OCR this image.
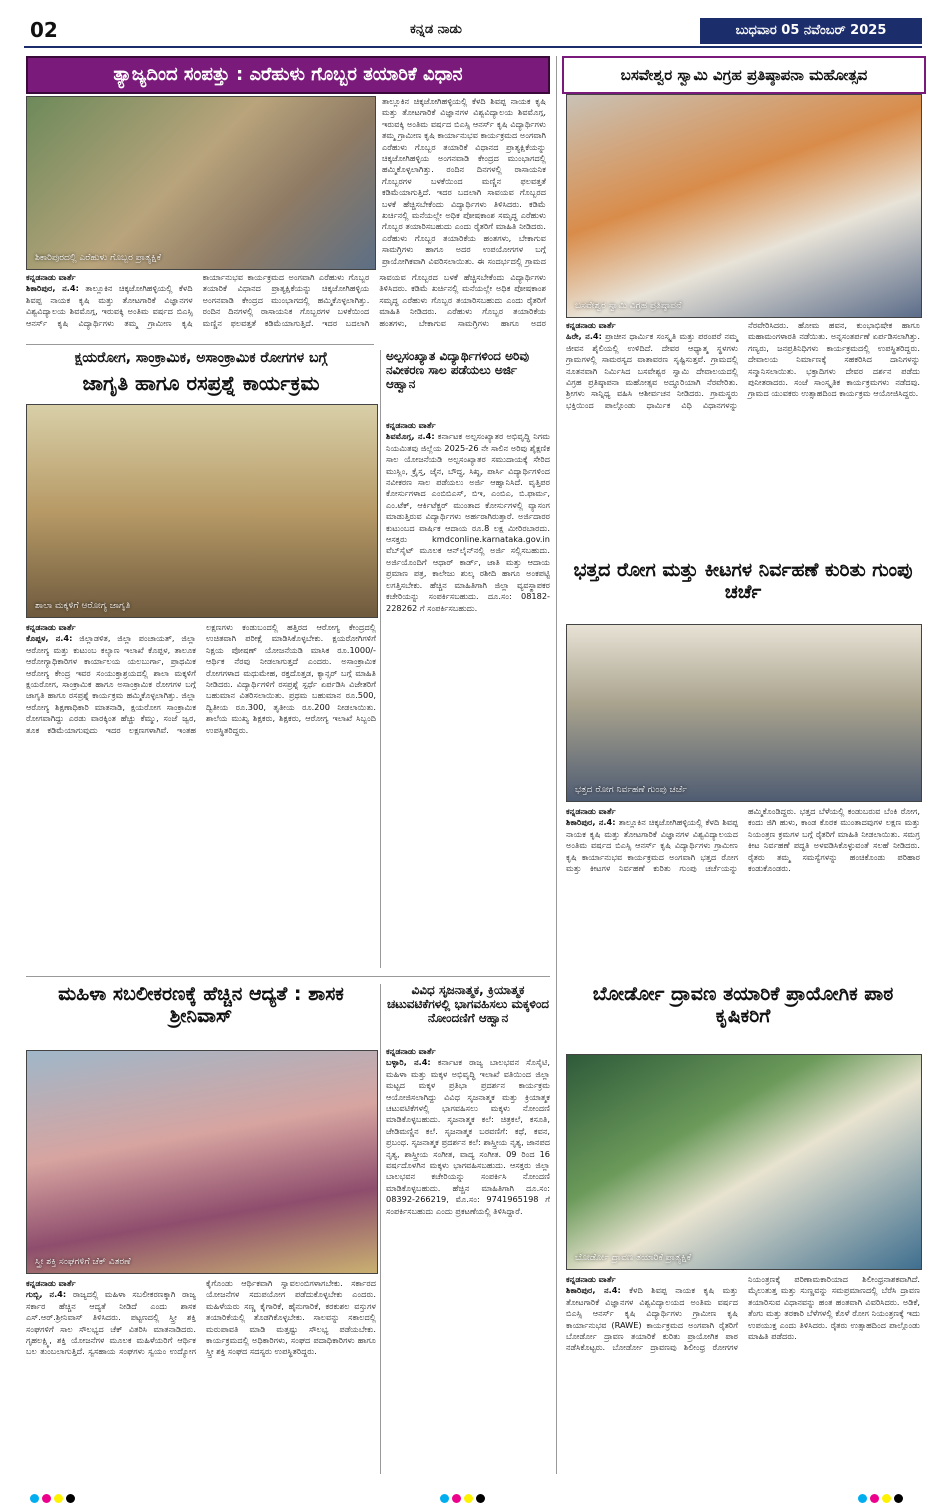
02	ಕನ್ನಡ ನಾಡು	ಬುಧವಾರ 05 ನವೆಂಬರ್ 2025
ತ್ಯಾಜ್ಯದಿಂದ ಸಂಪತ್ತು : ಎರೆಹುಳು ಗೊಬ್ಬರ ತಯಾರಿಕೆ ವಿಧಾನ
ಶಿಕಾರಿಪುರದಲ್ಲಿ ಎರೆಹುಳು ಗೊಬ್ಬರ ಪ್ರಾತ್ಯಕ್ಷಿಕೆ
ಕನ್ನಡನಾಡು ವಾರ್ತೆ
ಶಿಕಾರಿಪುರ, ನ.4: ತಾಲ್ಲೂಕಿನ ಚಿಕ್ಕಜೋಗಿಹಳ್ಳಿಯಲ್ಲಿ ಕೆಳದಿ ಶಿವಪ್ಪ ನಾಯಕ ಕೃಷಿ ಮತ್ತು ತೋಟಗಾರಿಕೆ ವಿಜ್ಞಾನಗಳ ವಿಶ್ವವಿದ್ಯಾಲಯ ಶಿವಮೊಗ್ಗ, ಇರುವಕ್ಕಿ ಅಂತಿಮ ವರ್ಷದ ಬಿಎಸ್ಸಿ ಆನರ್ಸ್ ಕೃಷಿ ವಿದ್ಯಾರ್ಥಿಗಳು ತಮ್ಮ ಗ್ರಾಮೀಣ ಕೃಷಿ ಕಾರ್ಯಾನುಭವ ಕಾರ್ಯಕ್ರಮದ ಅಂಗವಾಗಿ ಎರೆಹುಳು ಗೊಬ್ಬರ ತಯಾರಿಕೆ ವಿಧಾನದ ಪ್ರಾತ್ಯಕ್ಷಿಕೆಯನ್ನು ಚಿಕ್ಕಜೋಗಿಹಳ್ಳಿಯ ಅಂಗನವಾಡಿ ಕೇಂದ್ರದ ಮುಂಭಾಗದಲ್ಲಿ ಹಮ್ಮಿಕೊಳ್ಳಲಾಗಿತ್ತು. ರಂದಿನ ದಿನಗಳಲ್ಲಿ ರಾಸಾಯನಿಕ ಗೊಬ್ಬರಗಳ ಬಳಕೆಯಿಂದ ಮಣ್ಣಿನ ಫಲವತ್ತತೆ ಕಡಿಮೆಯಾಗುತ್ತಿದೆ. ಇದರ ಬದಲಾಗಿ ಸಾವಯವ ಗೊಬ್ಬರದ ಬಳಕೆ ಹೆಚ್ಚಿಸಬೇಕೆಂದು ವಿದ್ಯಾರ್ಥಿಗಳು ತಿಳಿಸಿದರು. ಕಡಿಮೆ ಖರ್ಚಿನಲ್ಲಿ ಮನೆಯಲ್ಲೇ ಅಧಿಕ ಪೋಷಕಾಂಶ ಸಮೃದ್ಧ ಎರೆಹುಳು ಗೊಬ್ಬರ ತಯಾರಿಸಬಹುದು ಎಂದು ರೈತರಿಗೆ ಮಾಹಿತಿ ನೀಡಿದರು. ಎರೆಹುಳು ಗೊಬ್ಬರ ತಯಾರಿಕೆಯ ಹಂತಗಳು, ಬೇಕಾಗುವ ಸಾಮಗ್ರಿಗಳು ಹಾಗೂ ಅದರ
ತಾಲ್ಲೂಕಿನ ಚಿಕ್ಕಜೋಗಿಹಳ್ಳಿಯಲ್ಲಿ ಕೆಳದಿ ಶಿವಪ್ಪ ನಾಯಕ ಕೃಷಿ ಮತ್ತು ತೋಟಗಾರಿಕೆ ವಿಜ್ಞಾನಗಳ ವಿಶ್ವವಿದ್ಯಾಲಯ ಶಿವಮೊಗ್ಗ, ಇರುವಕ್ಕಿ ಅಂತಿಮ ವರ್ಷದ ಬಿಎಸ್ಸಿ ಆನರ್ಸ್ ಕೃಷಿ ವಿದ್ಯಾರ್ಥಿಗಳು ತಮ್ಮ ಗ್ರಾಮೀಣ ಕೃಷಿ ಕಾರ್ಯಾನುಭವ ಕಾರ್ಯಕ್ರಮದ ಅಂಗವಾಗಿ ಎರೆಹುಳು ಗೊಬ್ಬರ ತಯಾರಿಕೆ ವಿಧಾನದ ಪ್ರಾತ್ಯಕ್ಷಿಕೆಯನ್ನು ಚಿಕ್ಕಜೋಗಿಹಳ್ಳಿಯ ಅಂಗನವಾಡಿ ಕೇಂದ್ರದ ಮುಂಭಾಗದಲ್ಲಿ ಹಮ್ಮಿಕೊಳ್ಳಲಾಗಿತ್ತು. ರಂದಿನ ದಿನಗಳಲ್ಲಿ ರಾಸಾಯನಿಕ ಗೊಬ್ಬರಗಳ ಬಳಕೆಯಿಂದ ಮಣ್ಣಿನ ಫಲವತ್ತತೆ ಕಡಿಮೆಯಾಗುತ್ತಿದೆ. ಇದರ ಬದಲಾಗಿ ಸಾವಯವ ಗೊಬ್ಬರದ ಬಳಕೆ ಹೆಚ್ಚಿಸಬೇಕೆಂದು ವಿದ್ಯಾರ್ಥಿಗಳು ತಿಳಿಸಿದರು. ಕಡಿಮೆ ಖರ್ಚಿನಲ್ಲಿ ಮನೆಯಲ್ಲೇ ಅಧಿಕ ಪೋಷಕಾಂಶ ಸಮೃದ್ಧ ಎರೆಹುಳು ಗೊಬ್ಬರ ತಯಾರಿಸಬಹುದು ಎಂದು ರೈತರಿಗೆ ಮಾಹಿತಿ ನೀಡಿದರು. ಎರೆಹುಳು ಗೊಬ್ಬರ ತಯಾರಿಕೆಯ ಹಂತಗಳು, ಬೇಕಾಗುವ ಸಾಮಗ್ರಿಗಳು ಹಾಗೂ ಅದರ ಉಪಯೋಗಗಳ ಬಗ್ಗೆ ಪ್ರಾಯೋಗಿಕವಾಗಿ ವಿವರಿಸಲಾಯಿತು. ಈ ಸಂದರ್ಭದಲ್ಲಿ ಗ್ರಾಮದ
ಬಸವೇಶ್ವರ ಸ್ವಾಮಿ ವಿಗ್ರಹ ಪ್ರತಿಷ್ಠಾಪನಾ ಮಹೋತ್ಸವ
ಬಸವೇಶ್ವರ ಸ್ವಾಮಿ ವಿಗ್ರಹ ಪ್ರತಿಷ್ಠಾಪನೆ
ಕನ್ನಡನಾಡು ವಾರ್ತೆ
ಹಿರೇ, ನ.4: ಪ್ರಾಚೀನ ಧಾರ್ಮಿಕ ಸಂಸ್ಕೃತಿ ಮತ್ತು ಪರಂಪರೆ ನಮ್ಮ ಜೀವನ ಶೈಲಿಯಲ್ಲಿ ಉಳಿದಿದೆ. ದೇವರ ಆಧ್ಯಾತ್ಮ ಸ್ಥಳಗಳು ಗ್ರಾಮಗಳಲ್ಲಿ ಸಾಮರಸ್ಯದ ವಾತಾವರಣ ಸೃಷ್ಟಿಸುತ್ತವೆ. ಗ್ರಾಮದಲ್ಲಿ ನೂತನವಾಗಿ ನಿರ್ಮಿಸಿದ ಬಸವೇಶ್ವರ ಸ್ವಾಮಿ ದೇವಾಲಯದಲ್ಲಿ ವಿಗ್ರಹ ಪ್ರತಿಷ್ಠಾಪನಾ ಮಹೋತ್ಸವ ಅದ್ಧೂರಿಯಾಗಿ ನೆರವೇರಿತು. ಶ್ರೀಗಳು ಸಾನ್ನಿಧ್ಯ ವಹಿಸಿ ಆಶೀರ್ವಚನ ನೀಡಿದರು. ಗ್ರಾಮಸ್ಥರು ಭಕ್ತಿಯಿಂದ ಪಾಲ್ಗೊಂಡು ಧಾರ್ಮಿಕ ವಿಧಿ ವಿಧಾನಗಳನ್ನು ನೆರವೇರಿಸಿದರು. ಹೋಮ ಹವನ, ಕುಂಭಾಭಿಷೇಕ ಹಾಗೂ ಮಹಾಮಂಗಳಾರತಿ ನಡೆಯಿತು. ಅನ್ನಸಂತರ್ಪಣೆ ಏರ್ಪಡಿಸಲಾಗಿತ್ತು. ಗಣ್ಯರು, ಜನಪ್ರತಿನಿಧಿಗಳು ಕಾರ್ಯಕ್ರಮದಲ್ಲಿ ಉಪಸ್ಥಿತರಿದ್ದರು. ದೇವಾಲಯ ನಿರ್ಮಾಣಕ್ಕೆ ಸಹಕರಿಸಿದ ದಾನಿಗಳನ್ನು ಸನ್ಮಾನಿಸಲಾಯಿತು. ಭಕ್ತಾದಿಗಳು ದೇವರ ದರ್ಶನ ಪಡೆದು ಪುನೀತರಾದರು. ಸಂಜೆ ಸಾಂಸ್ಕೃತಿಕ ಕಾರ್ಯಕ್ರಮಗಳು ನಡೆದವು. ಗ್ರಾಮದ ಯುವಕರು ಉತ್ಸಾಹದಿಂದ ಕಾರ್ಯಕ್ರಮ ಆಯೋಜಿಸಿದ್ದರು.
ಕ್ಷಯರೋಗ, ಸಾಂಕ್ರಾಮಿಕ, ಅಸಾಂಕ್ರಾಮಿಕ ರೋಗಗಳ ಬಗ್ಗೆ
ಜಾಗೃತಿ ಹಾಗೂ ರಸಪ್ರಶ್ನೆ ಕಾರ್ಯಕ್ರಮ
ಶಾಲಾ ಮಕ್ಕಳಿಗೆ ಆರೋಗ್ಯ ಜಾಗೃತಿ
ಕನ್ನಡನಾಡು ವಾರ್ತೆ
ಕೊಪ್ಪಳ, ನ.4: ಜಿಲ್ಲಾಡಳಿತ, ಜಿಲ್ಲಾ ಪಂಚಾಯತ್, ಜಿಲ್ಲಾ ಆರೋಗ್ಯ ಮತ್ತು ಕುಟುಂಬ ಕಲ್ಯಾಣ ಇಲಾಖೆ ಕೊಪ್ಪಳ, ತಾಲೂಕ ಆರೋಗ್ಯಾಧಿಕಾರಿಗಳ ಕಾರ್ಯಾಲಯ ಯಲಬುರ್ಗಾ, ಪ್ರಾಥಮಿಕ ಆರೋಗ್ಯ ಕೇಂದ್ರ ಇವರ ಸಂಯುಕ್ತಾಶ್ರಯದಲ್ಲಿ ಶಾಲಾ ಮಕ್ಕಳಿಗೆ ಕ್ಷಯರೋಗ, ಸಾಂಕ್ರಾಮಿಕ ಹಾಗೂ ಅಸಾಂಕ್ರಾಮಿಕ ರೋಗಗಳ ಬಗ್ಗೆ ಜಾಗೃತಿ ಹಾಗೂ ರಸಪ್ರಶ್ನೆ ಕಾರ್ಯಕ್ರಮ ಹಮ್ಮಿಕೊಳ್ಳಲಾಗಿತ್ತು. ಜಿಲ್ಲಾ ಆರೋಗ್ಯ ಶಿಕ್ಷಣಾಧಿಕಾರಿ ಮಾತನಾಡಿ, ಕ್ಷಯರೋಗ ಸಾಂಕ್ರಾಮಿಕ ರೋಗವಾಗಿದ್ದು ಎರಡು ವಾರಕ್ಕಿಂತ ಹೆಚ್ಚು ಕೆಮ್ಮು, ಸಂಜೆ ಜ್ವರ, ತೂಕ ಕಡಿಮೆಯಾಗುವುದು ಇದರ ಲಕ್ಷಣಗಳಾಗಿವೆ. ಇಂತಹ ಲಕ್ಷಣಗಳು ಕಂಡುಬಂದಲ್ಲಿ ಹತ್ತಿರದ ಆರೋಗ್ಯ ಕೇಂದ್ರದಲ್ಲಿ ಉಚಿತವಾಗಿ ಪರೀಕ್ಷೆ ಮಾಡಿಸಿಕೊಳ್ಳಬೇಕು. ಕ್ಷಯರೋಗಿಗಳಿಗೆ ನಿಕ್ಷಯ ಪೋಷಣ್ ಯೋಜನೆಯಡಿ ಮಾಸಿಕ ರೂ.1000/- ಆರ್ಥಿಕ ನೆರವು ನೀಡಲಾಗುತ್ತದೆ ಎಂದರು. ಅಸಾಂಕ್ರಾಮಿಕ ರೋಗಗಳಾದ ಮಧುಮೇಹ, ರಕ್ತದೊತ್ತಡ, ಕ್ಯಾನ್ಸರ್ ಬಗ್ಗೆ ಮಾಹಿತಿ ನೀಡಿದರು. ವಿದ್ಯಾರ್ಥಿಗಳಿಗೆ ರಸಪ್ರಶ್ನೆ ಸ್ಪರ್ಧೆ ಏರ್ಪಡಿಸಿ ವಿಜೇತರಿಗೆ ಬಹುಮಾನ ವಿತರಿಸಲಾಯಿತು. ಪ್ರಥಮ ಬಹುಮಾನ ರೂ.500, ದ್ವಿತೀಯ ರೂ.300, ತೃತೀಯ ರೂ.200 ನೀಡಲಾಯಿತು. ಶಾಲೆಯ ಮುಖ್ಯ ಶಿಕ್ಷಕರು, ಶಿಕ್ಷಕರು, ಆರೋಗ್ಯ ಇಲಾಖೆ ಸಿಬ್ಬಂದಿ ಉಪಸ್ಥಿತರಿದ್ದರು.
ಅಲ್ಪಸಂಖ್ಯಾತ ವಿದ್ಯಾರ್ಥಿಗಳಿಂದ ಅರಿವು ನವೀಕರಣ ಸಾಲ ಪಡೆಯಲು ಅರ್ಜಿ ಆಹ್ವಾನ
ಕನ್ನಡನಾಡು ವಾರ್ತೆ
ಶಿವಮೊಗ್ಗ, ನ.4: ಕರ್ನಾಟಕ ಅಲ್ಪಸಂಖ್ಯಾತರ ಅಭಿವೃದ್ಧಿ ನಿಗಮ ನಿಯಮಿತವು ಜಿಲ್ಲೆಯ 2025-26 ನೇ ಸಾಲಿನ ಅರಿವು ಶೈಕ್ಷಣಿಕ ಸಾಲ ಯೋಜನೆಯಡಿ ಅಲ್ಪಸಂಖ್ಯಾತರ ಸಮುದಾಯಕ್ಕೆ ಸೇರಿದ ಮುಸ್ಲಿಂ, ಕ್ರೈಸ್ತ, ಜೈನ, ಬೌದ್ಧ, ಸಿಖ್ಖ, ಪಾರ್ಸಿ ವಿದ್ಯಾರ್ಥಿಗಳಿಂದ ನವೀಕರಣ ಸಾಲ ಪಡೆಯಲು ಅರ್ಜಿ ಆಹ್ವಾನಿಸಿದೆ. ವೃತ್ತಿಪರ ಕೋರ್ಸುಗಳಾದ ಎಂಬಿಬಿಎಸ್, ಬಿಇ, ಎಂಬಿಎ, ಬಿ.ಫಾರ್ಮ, ಎಂ.ಟೆಕ್, ಆರ್ಕಿಟೆಕ್ಚರ್ ಮುಂತಾದ ಕೋರ್ಸುಗಳಲ್ಲಿ ವ್ಯಾಸಂಗ ಮಾಡುತ್ತಿರುವ ವಿದ್ಯಾರ್ಥಿಗಳು ಅರ್ಹರಾಗಿರುತ್ತಾರೆ. ಅರ್ಜಿದಾರರ ಕುಟುಂಬದ ವಾರ್ಷಿಕ ಆದಾಯ ರೂ.8 ಲಕ್ಷ ಮೀರಿರಬಾರದು. ಆಸಕ್ತರು kmdconline.karnataka.gov.in ವೆಬ್‌ಸೈಟ್ ಮೂಲಕ ಆನ್‌ಲೈನ್‌ನಲ್ಲಿ ಅರ್ಜಿ ಸಲ್ಲಿಸಬಹುದು. ಅರ್ಜಿಯೊಂದಿಗೆ ಆಧಾರ್ ಕಾರ್ಡ್, ಜಾತಿ ಮತ್ತು ಆದಾಯ ಪ್ರಮಾಣ ಪತ್ರ, ಕಾಲೇಜು ಶುಲ್ಕ ರಶೀದಿ ಹಾಗೂ ಅಂಕಪಟ್ಟಿ ಲಗತ್ತಿಸಬೇಕು. ಹೆಚ್ಚಿನ ಮಾಹಿತಿಗಾಗಿ ಜಿಲ್ಲಾ ವ್ಯವಸ್ಥಾಪಕರ ಕಚೇರಿಯನ್ನು ಸಂಪರ್ಕಿಸಬಹುದು. ದೂ.ಸಂ: 08182-228262 ಗೆ ಸಂಪರ್ಕಿಸಬಹುದು.
ಭತ್ತದ ರೋಗ ಮತ್ತು ಕೀಟಗಳ ನಿರ್ವಹಣೆ ಕುರಿತು ಗುಂಪು ಚರ್ಚೆ
ಭತ್ತದ ರೋಗ ನಿರ್ವಹಣೆ ಗುಂಪು ಚರ್ಚೆ
ಕನ್ನಡನಾಡು ವಾರ್ತೆ
ಶಿಕಾರಿಪುರ, ನ.4: ತಾಲ್ಲೂಕಿನ ಚಿಕ್ಕಜೋಗಿಹಳ್ಳಿಯಲ್ಲಿ ಕೆಳದಿ ಶಿವಪ್ಪ ನಾಯಕ ಕೃಷಿ ಮತ್ತು ತೋಟಗಾರಿಕೆ ವಿಜ್ಞಾನಗಳ ವಿಶ್ವವಿದ್ಯಾಲಯದ ಅಂತಿಮ ವರ್ಷದ ಬಿಎಸ್ಸಿ ಆನರ್ಸ್ ಕೃಷಿ ವಿದ್ಯಾರ್ಥಿಗಳು ಗ್ರಾಮೀಣ ಕೃಷಿ ಕಾರ್ಯಾನುಭವ ಕಾರ್ಯಕ್ರಮದ ಅಂಗವಾಗಿ ಭತ್ತದ ರೋಗ ಮತ್ತು ಕೀಟಗಳ ನಿರ್ವಹಣೆ ಕುರಿತು ಗುಂಪು ಚರ್ಚೆಯನ್ನು ಹಮ್ಮಿಕೊಂಡಿದ್ದರು. ಭತ್ತದ ಬೆಳೆಯಲ್ಲಿ ಕಂಡುಬರುವ ಬೆಂಕಿ ರೋಗ, ಕಂದು ಜಿಗಿ ಹುಳು, ಕಾಂಡ ಕೊರಕ ಮುಂತಾದವುಗಳ ಲಕ್ಷಣ ಮತ್ತು ನಿಯಂತ್ರಣ ಕ್ರಮಗಳ ಬಗ್ಗೆ ರೈತರಿಗೆ ಮಾಹಿತಿ ನೀಡಲಾಯಿತು. ಸಮಗ್ರ ಕೀಟ ನಿರ್ವಹಣೆ ಪದ್ಧತಿ ಅಳವಡಿಸಿಕೊಳ್ಳುವಂತೆ ಸಲಹೆ ನೀಡಿದರು. ರೈತರು ತಮ್ಮ ಸಮಸ್ಯೆಗಳನ್ನು ಹಂಚಿಕೊಂಡು ಪರಿಹಾರ ಕಂಡುಕೊಂಡರು.
ಮಹಿಳಾ ಸಬಲೀಕರಣಕ್ಕೆ ಹೆಚ್ಚಿನ ಆದ್ಯತೆ : ಶಾಸಕ ಶ್ರೀನಿವಾಸ್
ಸ್ತ್ರೀ ಶಕ್ತಿ ಸಂಘಗಳಿಗೆ ಚೆಕ್ ವಿತರಣೆ
ಕನ್ನಡನಾಡು ವಾರ್ತೆ
ಗುಬ್ಬಿ, ನ.4: ರಾಜ್ಯದಲ್ಲಿ ಮಹಿಳಾ ಸಬಲೀಕರಣಕ್ಕಾಗಿ ರಾಜ್ಯ ಸರ್ಕಾರ ಹೆಚ್ಚಿನ ಆದ್ಯತೆ ನೀಡಿದೆ ಎಂದು ಶಾಸಕ ಎಸ್.ಆರ್.ಶ್ರೀನಿವಾಸ್ ತಿಳಿಸಿದರು. ಪಟ್ಟಣದಲ್ಲಿ ಸ್ತ್ರೀ ಶಕ್ತಿ ಸಂಘಗಳಿಗೆ ಸಾಲ ಸೌಲಭ್ಯದ ಚೆಕ್ ವಿತರಿಸಿ ಮಾತನಾಡಿದರು. ಗೃಹಲಕ್ಷ್ಮಿ, ಶಕ್ತಿ ಯೋಜನೆಗಳ ಮೂಲಕ ಮಹಿಳೆಯರಿಗೆ ಆರ್ಥಿಕ ಬಲ ತುಂಬಲಾಗುತ್ತಿದೆ. ಸ್ವಸಹಾಯ ಸಂಘಗಳು ಸ್ವಯಂ ಉದ್ಯೋಗ ಕೈಗೊಂಡು ಆರ್ಥಿಕವಾಗಿ ಸ್ವಾವಲಂಬಿಗಳಾಗಬೇಕು. ಸರ್ಕಾರದ ಯೋಜನೆಗಳ ಸದುಪಯೋಗ ಪಡೆದುಕೊಳ್ಳಬೇಕು ಎಂದರು. ಮಹಿಳೆಯರು ಸಣ್ಣ ಕೈಗಾರಿಕೆ, ಹೈನುಗಾರಿಕೆ, ಕರಕುಶಲ ವಸ್ತುಗಳ ತಯಾರಿಕೆಯಲ್ಲಿ ತೊಡಗಿಕೊಳ್ಳಬೇಕು. ಸಾಲವನ್ನು ಸಕಾಲದಲ್ಲಿ ಮರುಪಾವತಿ ಮಾಡಿ ಮತ್ತಷ್ಟು ಸೌಲಭ್ಯ ಪಡೆಯಬೇಕು. ಕಾರ್ಯಕ್ರಮದಲ್ಲಿ ಅಧಿಕಾರಿಗಳು, ಸಂಘದ ಪದಾಧಿಕಾರಿಗಳು ಹಾಗೂ ಸ್ತ್ರೀ ಶಕ್ತಿ ಸಂಘದ ಸದಸ್ಯರು ಉಪಸ್ಥಿತರಿದ್ದರು.
ವಿವಿಧ ಸೃಜನಾತ್ಮಕ, ಕ್ರಿಯಾತ್ಮಕ ಚಟುವಟಿಕೆಗಳಲ್ಲಿ ಭಾಗವಹಿಸಲು ಮಕ್ಕಳಿಂದ ನೋಂದಣಿಗೆ ಆಹ್ವಾನ
ಕನ್ನಡನಾಡು ವಾರ್ತೆ
ಬಳ್ಳಾರಿ, ನ.4: ಕರ್ನಾಟಕ ರಾಜ್ಯ ಬಾಲಭವನ ಸೊಸೈಟಿ, ಮಹಿಳಾ ಮತ್ತು ಮಕ್ಕಳ ಅಭಿವೃದ್ಧಿ ಇಲಾಖೆ ವತಿಯಿಂದ ಜಿಲ್ಲಾ ಮಟ್ಟದ ಮಕ್ಕಳ ಪ್ರತಿಭಾ ಪ್ರದರ್ಶನ ಕಾರ್ಯಕ್ರಮ ಆಯೋಜಿಸಲಾಗಿದ್ದು ವಿವಿಧ ಸೃಜನಾತ್ಮಕ ಮತ್ತು ಕ್ರಿಯಾತ್ಮಕ ಚಟುವಟಿಕೆಗಳಲ್ಲಿ ಭಾಗವಹಿಸಲು ಮಕ್ಕಳು ನೋಂದಣಿ ಮಾಡಿಕೊಳ್ಳಬಹುದು. ಸೃಜನಾತ್ಮಕ ಕಲೆ: ಚಿತ್ರಕಲೆ, ಕಸೂತಿ, ಜೇಡಿಮಣ್ಣಿನ ಕಲೆ. ಸೃಜನಾತ್ಮಕ ಬರವಣಿಗೆ: ಕಥೆ, ಕವನ, ಪ್ರಬಂಧ. ಸೃಜನಾತ್ಮಕ ಪ್ರದರ್ಶನ ಕಲೆ: ಶಾಸ್ತ್ರೀಯ ನೃತ್ಯ, ಜಾನಪದ ನೃತ್ಯ, ಶಾಸ್ತ್ರೀಯ ಸಂಗೀತ, ವಾದ್ಯ ಸಂಗೀತ. 09 ರಿಂದ 16 ವರ್ಷದೊಳಗಿನ ಮಕ್ಕಳು ಭಾಗವಹಿಸಬಹುದು. ಆಸಕ್ತರು ಜಿಲ್ಲಾ ಬಾಲಭವನ ಕಚೇರಿಯನ್ನು ಸಂಪರ್ಕಿಸಿ ನೋಂದಣಿ ಮಾಡಿಕೊಳ್ಳಬಹುದು. ಹೆಚ್ಚಿನ ಮಾಹಿತಿಗಾಗಿ ದೂ.ಸಂ: 08392-266219, ಮೊ.ಸಂ: 9741965198 ಗೆ ಸಂಪರ್ಕಿಸಬಹುದು ಎಂದು ಪ್ರಕಟಣೆಯಲ್ಲಿ ತಿಳಿಸಿದ್ದಾರೆ.
ಬೋರ್ಡೋ ದ್ರಾವಣ ತಯಾರಿಕೆ ಪ್ರಾಯೋಗಿಕ ಪಾಠ ಕೃಷಿಕರಿಗೆ
ಬೋರ್ಡೋ ದ್ರಾವಣ ತಯಾರಿಕೆ ಪ್ರಾತ್ಯಕ್ಷಿಕೆ
ಕನ್ನಡನಾಡು ವಾರ್ತೆ
ಶಿಕಾರಿಪುರ, ನ.4: ಕೆಳದಿ ಶಿವಪ್ಪ ನಾಯಕ ಕೃಷಿ ಮತ್ತು ತೋಟಗಾರಿಕೆ ವಿಜ್ಞಾನಗಳ ವಿಶ್ವವಿದ್ಯಾಲಯದ ಅಂತಿಮ ವರ್ಷದ ಬಿಎಸ್ಸಿ ಆನರ್ಸ್ ಕೃಷಿ ವಿದ್ಯಾರ್ಥಿಗಳು ಗ್ರಾಮೀಣ ಕೃಷಿ ಕಾರ್ಯಾನುಭವ (RAWE) ಕಾರ್ಯಕ್ರಮದ ಅಂಗವಾಗಿ ರೈತರಿಗೆ ಬೋರ್ಡೋ ದ್ರಾವಣ ತಯಾರಿಕೆ ಕುರಿತು ಪ್ರಾಯೋಗಿಕ ಪಾಠ ನಡೆಸಿಕೊಟ್ಟರು. ಬೋರ್ಡೋ ದ್ರಾವಣವು ಶಿಲೀಂಧ್ರ ರೋಗಗಳ ನಿಯಂತ್ರಣಕ್ಕೆ ಪರಿಣಾಮಕಾರಿಯಾದ ಶಿಲೀಂಧ್ರನಾಶಕವಾಗಿದೆ. ಮೈಲುತುತ್ತ ಮತ್ತು ಸುಣ್ಣವನ್ನು ಸಮಪ್ರಮಾಣದಲ್ಲಿ ಬೆರೆಸಿ ದ್ರಾವಣ ತಯಾರಿಸುವ ವಿಧಾನವನ್ನು ಹಂತ ಹಂತವಾಗಿ ವಿವರಿಸಿದರು. ಅಡಿಕೆ, ತೆಂಗು ಮತ್ತು ತರಕಾರಿ ಬೆಳೆಗಳಲ್ಲಿ ಕೊಳೆ ರೋಗ ನಿಯಂತ್ರಣಕ್ಕೆ ಇದು ಉಪಯುಕ್ತ ಎಂದು ತಿಳಿಸಿದರು. ರೈತರು ಉತ್ಸಾಹದಿಂದ ಪಾಲ್ಗೊಂಡು ಮಾಹಿತಿ ಪಡೆದರು.
